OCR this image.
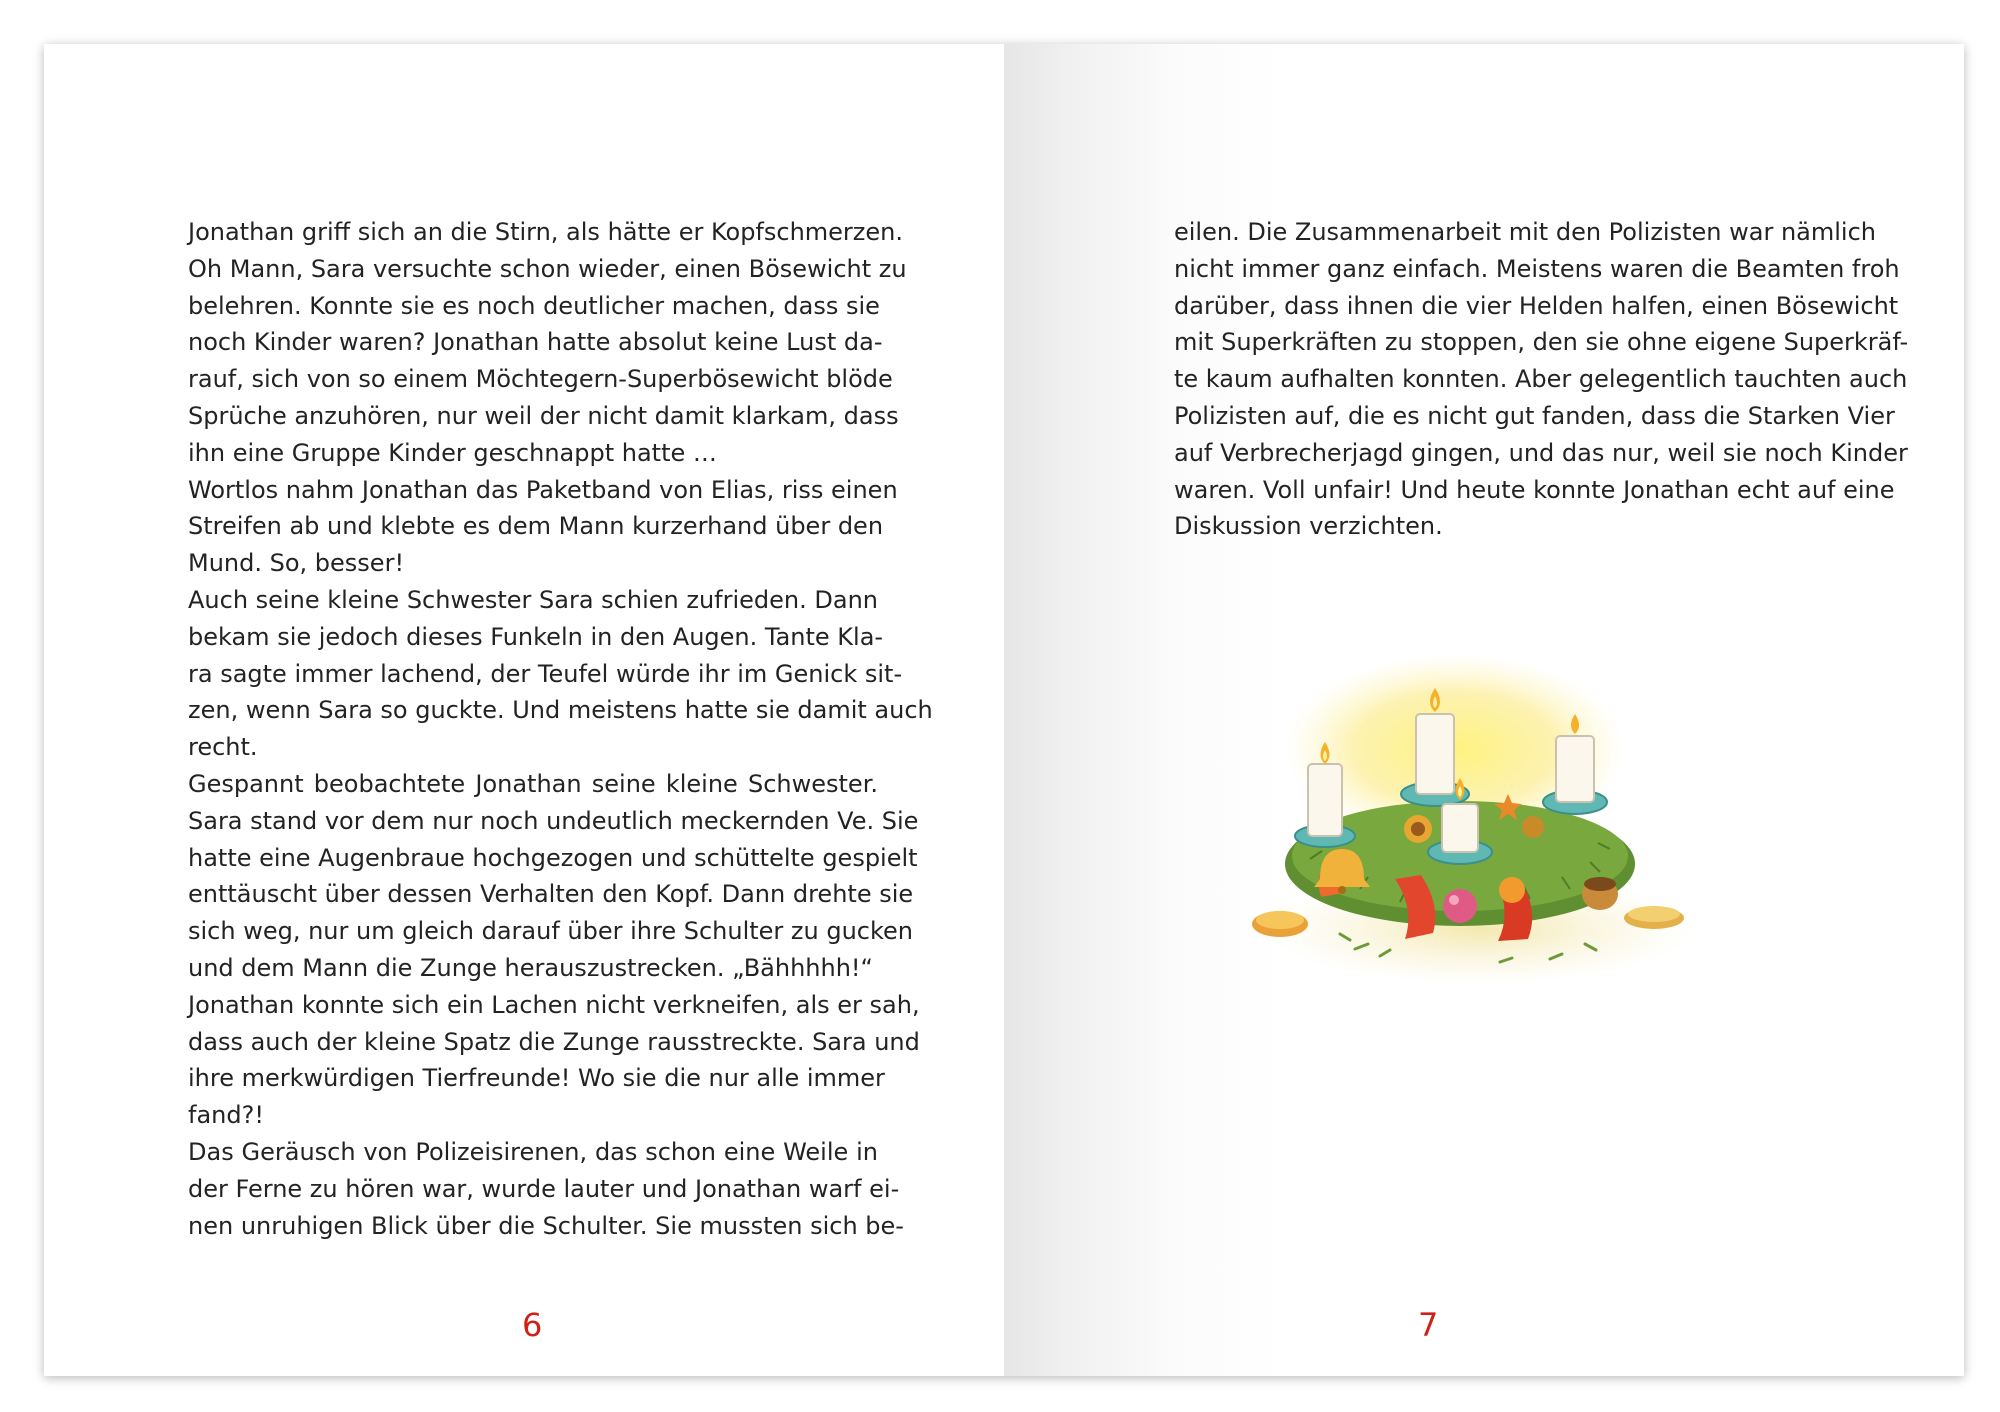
Jonathan griff sich an die Stirn, als hätte er Kopfschmerzen.
Oh Mann, Sara versuchte schon wieder, einen Bösewicht zu
belehren. Konnte sie es noch deutlicher machen, dass sie
noch Kinder waren? Jonathan hatte absolut keine Lust da-
rauf, sich von so einem Möchtegern-Superbösewicht blöde
Sprüche anzuhören, nur weil der nicht damit klarkam, dass
ihn eine Gruppe Kinder geschnappt hatte …
Wortlos nahm Jonathan das Paketband von Elias, riss einen
Streifen ab und klebte es dem Mann kurzerhand über den
Mund. So, besser!
Auch seine kleine Schwester Sara schien zufrieden. Dann
bekam sie jedoch dieses Funkeln in den Augen. Tante Kla-
ra sagte immer lachend, der Teufel würde ihr im Genick sit-
zen, wenn Sara so guckte. Und meistens hatte sie damit auch
recht.
Gespannt beobachtete Jonathan seine kleine Schwester.
Sara stand vor dem nur noch undeutlich meckernden Ve. Sie
hatte eine Augenbraue hochgezogen und schüttelte gespielt
enttäuscht über dessen Verhalten den Kopf. Dann drehte sie
sich weg, nur um gleich darauf über ihre Schulter zu gucken
und dem Mann die Zunge herauszustrecken. „Bähhhhh!“
Jonathan konnte sich ein Lachen nicht verkneifen, als er sah,
dass auch der kleine Spatz die Zunge rausstreckte. Sara und
ihre merkwürdigen Tierfreunde! Wo sie die nur alle immer
fand?!
Das Geräusch von Polizeisirenen, das schon eine Weile in
der Ferne zu hören war, wurde lauter und Jonathan warf ei-
nen unruhigen Blick über die Schulter. Sie mussten sich be-
6
eilen. Die Zusammenarbeit mit den Polizisten war nämlich
nicht immer ganz einfach. Meistens waren die Beamten froh
darüber, dass ihnen die vier Helden halfen, einen Bösewicht
mit Superkräften zu stoppen, den sie ohne eigene Superkräf-
te kaum aufhalten konnten. Aber gelegentlich tauchten auch
Polizisten auf, die es nicht gut fanden, dass die Starken Vier
auf Verbrecherjagd gingen, und das nur, weil sie noch Kinder
waren. Voll unfair! Und heute konnte Jonathan echt auf eine
Diskussion verzichten.
7
